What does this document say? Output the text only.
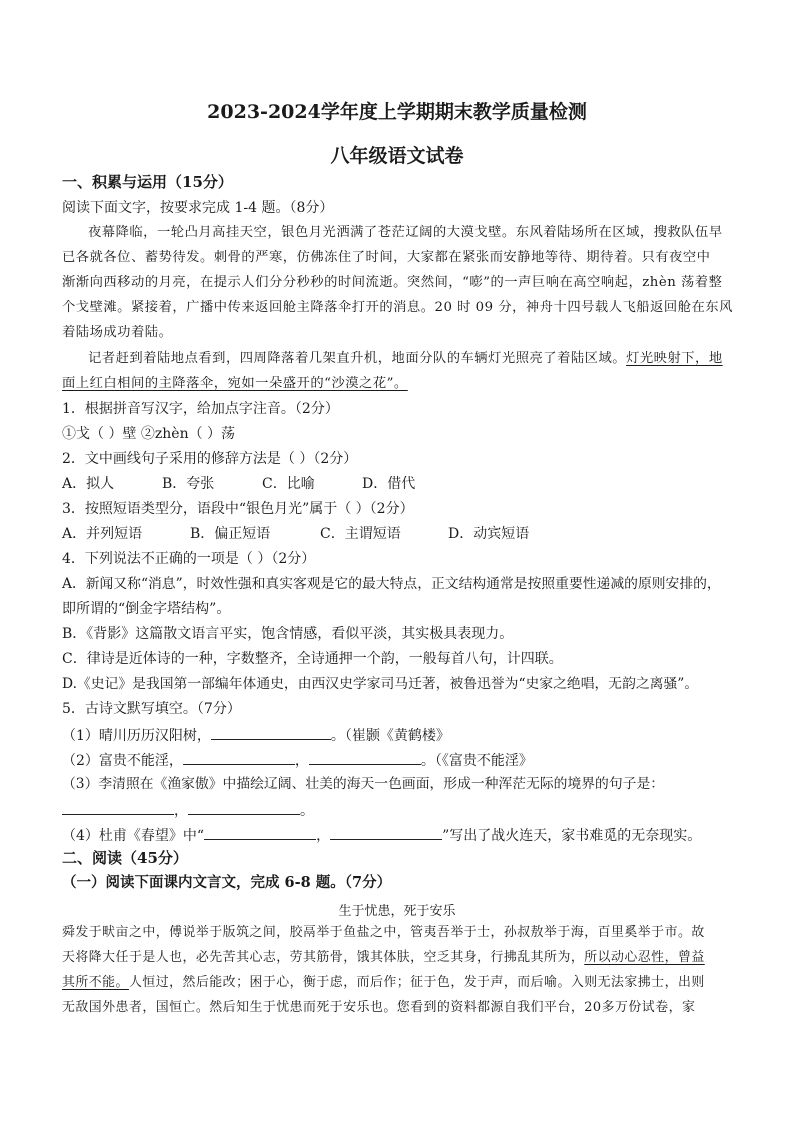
2023-2024学年度上学期期末教学质量检测
八年级语文试卷
一、积累与运用（15分）
阅读下面文字，按要求完成 1-4 题。（8分）
夜幕降临，一轮凸月高挂天空，银色月光洒满了苍茫辽阔的大漠戈壁。东风着陆场所在区域，搜救队伍早
已各就各位、蓄势待发。刺骨的严寒，仿佛冻住了时间，大家都在紧张而安静地等待、期待着。只有夜空中
渐渐向西移动的月亮，在提示人们分分秒秒的时间流逝。突然间，“嘭”的一声巨响在高空响起，zhèn 荡着整
个戈壁滩。紧接着，广播中传来返回舱主降落伞打开的消息。20 时 09 分，神舟十四号载人飞船返回舱在东风
着陆场成功着陆。
记者赶到着陆地点看到，四周降落着几架直升机，地面分队的车辆灯光照亮了着陆区域。灯光映射下，地
面上红白相间的主降落伞，宛如一朵盛开的“沙漠之花”。
1．根据拼音写汉字，给加点字注音。（2分）
①戈（ ）壁 ②zhèn（ ）荡
2．文中画线句子采用的修辞方法是（ ）（2分）
A．拟人	B．夸张	C．比喻	D．借代
3．按照短语类型分，语段中“银色月光”属于（ ）（2分）
A．并列短语	B．偏正短语	C．主谓短语	D．动宾短语
4．下列说法不正确的一项是（ ）（2分）
A．新闻又称“消息”，时效性强和真实客观是它的最大特点，正文结构通常是按照重要性递减的原则安排的，
即所谓的“倒金字塔结构”。
B．《背影》这篇散文语言平实，饱含情感，看似平淡，其实极具表现力。
C．律诗是近体诗的一种，字数整齐，全诗通押一个韵，一般每首八句，计四联。
D.《史记》是我国第一部编年体通史，由西汉史学家司马迁著，被鲁迅誉为“史家之绝唱，无韵之离骚”。
5．古诗文默写填空。（7分）
（1）晴川历历汉阳树，	。（崔颢《黄鹤楼》
（2）富贵不能淫，	，	。（《富贵不能淫》
（3）李清照在《渔家傲》中描绘辽阔、壮美的海天一色画面，形成一种浑茫无际的境界的句子是：
，	。
（4）杜甫《春望》中“	，	”写出了战火连天，家书难觅的无奈现实。
二、阅读（45分）
（一）阅读下面课内文言文，完成 6-8 题。（7分）
生于忧患，死于安乐
舜发于畎亩之中，傅说举于版筑之间，胶鬲举于鱼盐之中，管夷吾举于士，孙叔敖举于海，百里奚举于市。故
天将降大任于是人也，必先苦其心志，劳其筋骨，饿其体肤，空乏其身，行拂乱其所为，所以动心忍性，曾益
其所不能。人恒过，然后能改；困于心，衡于虑，而后作；征于色，发于声，而后喻。入则无法家拂士，出则
无敌国外患者，国恒亡。然后知生于忧患而死于安乐也。您看到的资料都源自我们平台，20多万份试卷，家
